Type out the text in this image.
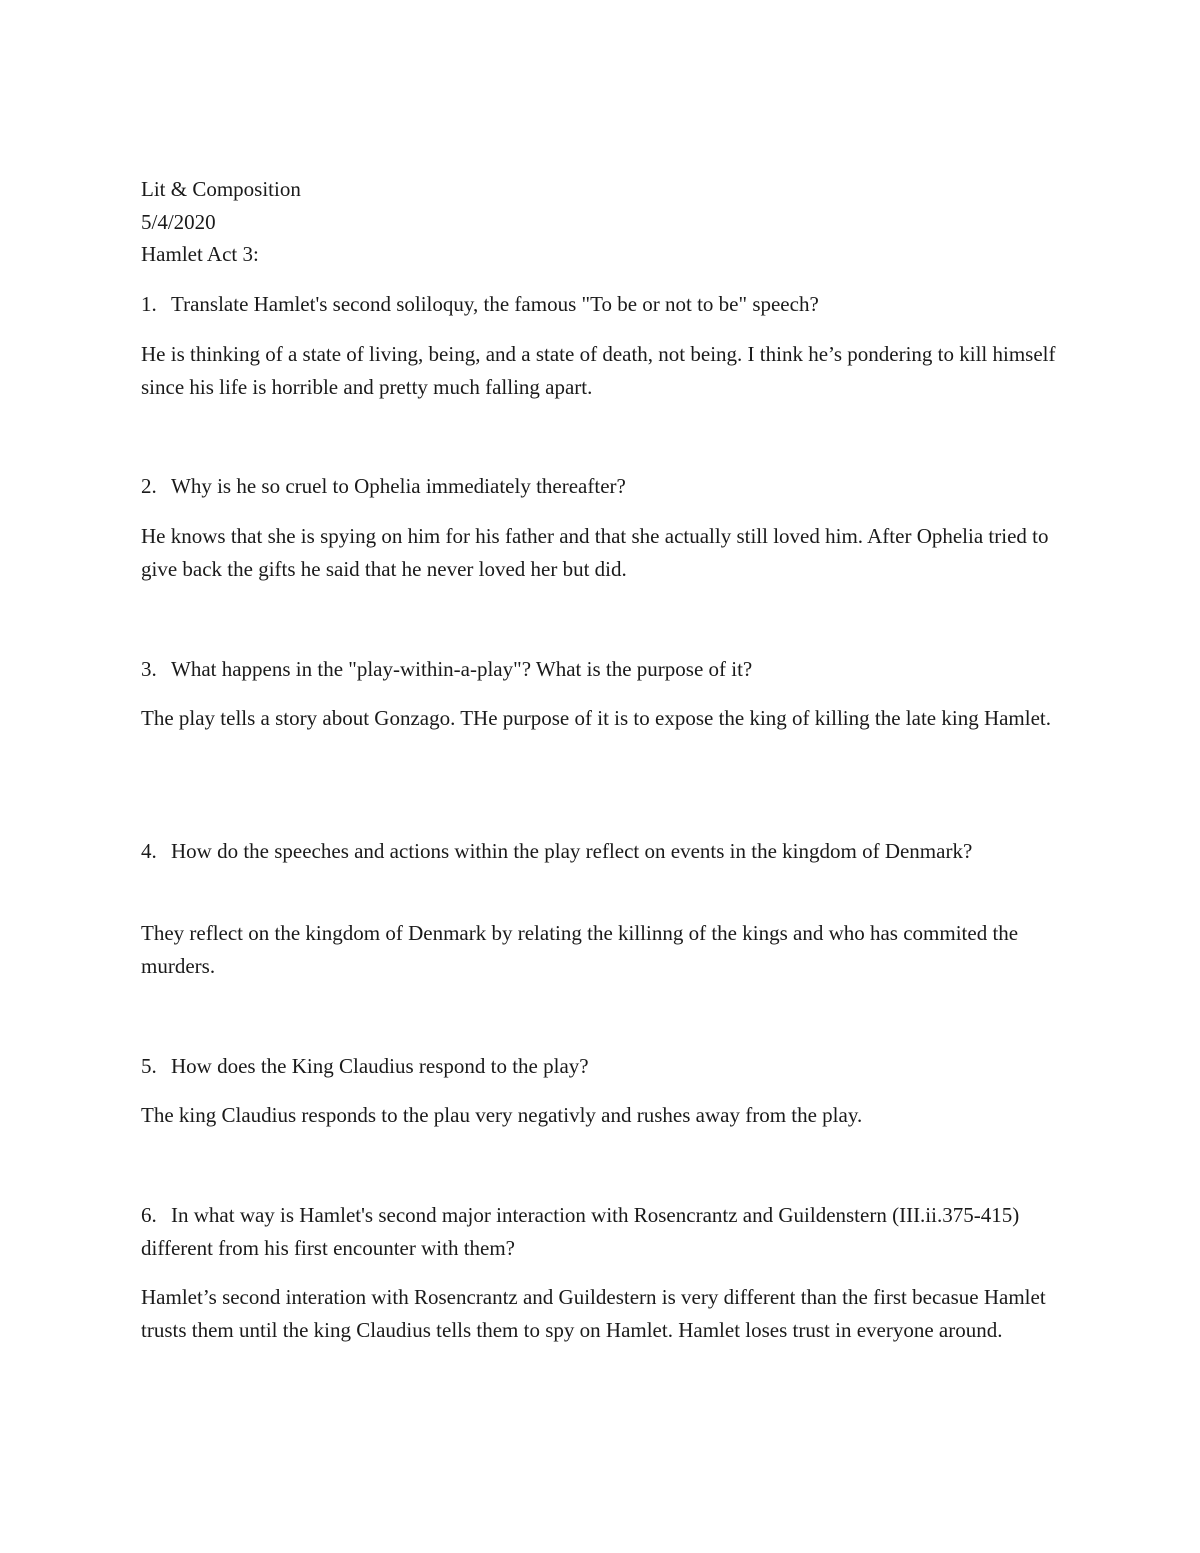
Lit & Composition
5/4/2020
Hamlet Act 3:

1. Translate Hamlet's second soliloquy, the famous "To be or not to be" speech?

He is thinking of a state of living, being, and a state of death, not being. I think he’s pondering to kill himself since his life is horrible and pretty much falling apart.

2. Why is he so cruel to Ophelia immediately thereafter?

He knows that she is spying on him for his father and that she actually still loved him. After Ophelia tried to give back the gifts he said that he never loved her but did.

3. What happens in the "play-within-a-play"? What is the purpose of it?

The play tells a story about Gonzago. THe purpose of it is to expose the king of killing the late king Hamlet.

4. How do the speeches and actions within the play reflect on events in the kingdom of Denmark?

They reflect on the kingdom of Denmark by relating the killinng of the kings and who has commited the murders.

5. How does the King Claudius respond to the play?

The king Claudius responds to the plau very negativly and rushes away from the play.

6. In what way is Hamlet's second major interaction with Rosencrantz and Guildenstern (III.ii.375-415) different from his first encounter with them?

Hamlet’s second interation with Rosencrantz and Guildestern is very different than the first becasue Hamlet trusts them until the king Claudius tells them to spy on Hamlet. Hamlet loses trust in everyone around.
